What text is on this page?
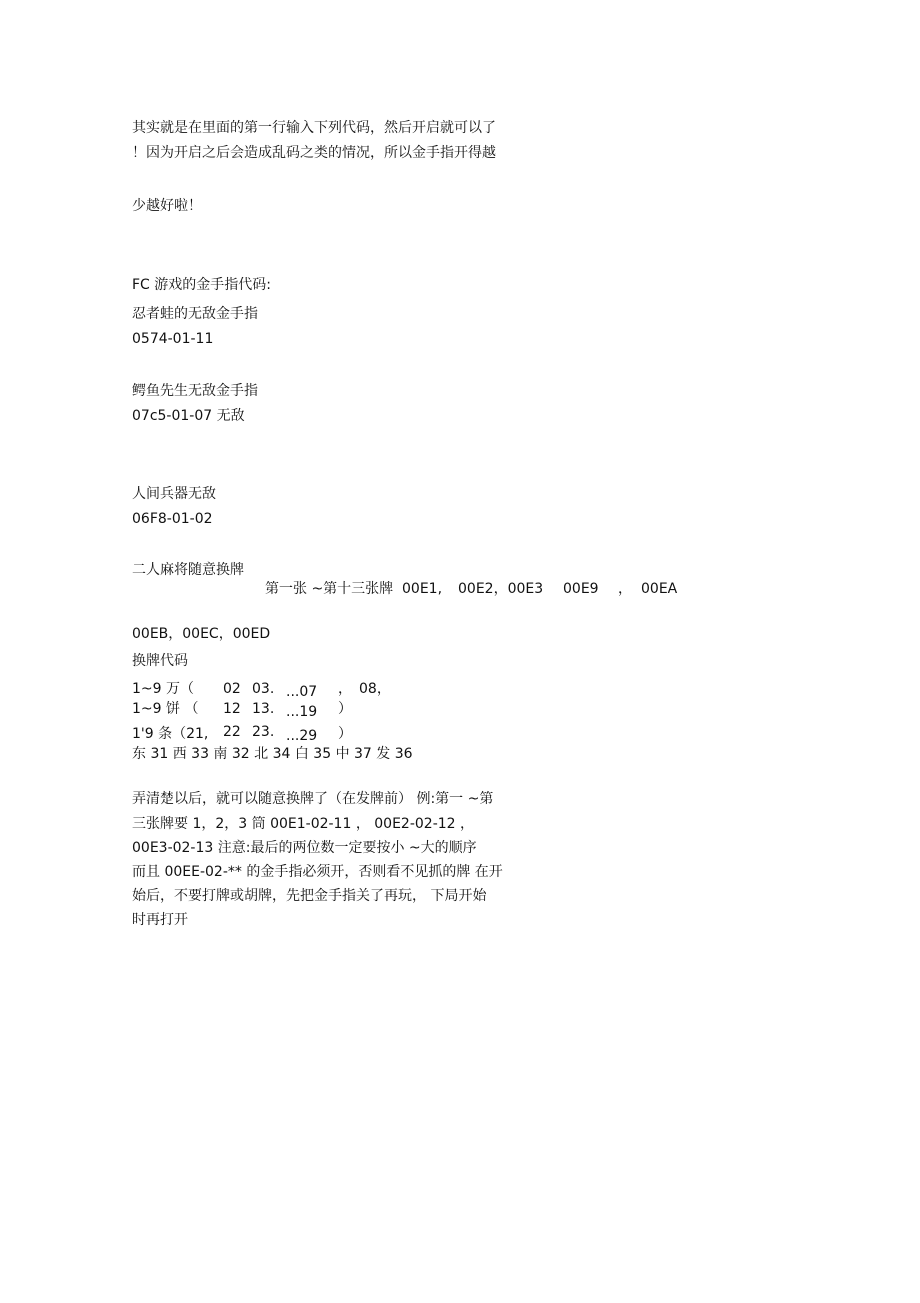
其实就是在里面的第一行输入下列代码，然后开启就可以了
！因为开启之后会造成乱码之类的情况，所以金手指开得越
少越好啦！
FC 游戏的金手指代码:
忍者蛙的无敌金手指
0574-01-11
鳄鱼先生无敌金手指
07c5-01-07 无敌
人间兵器无敌
06F8-01-02
二人麻将随意换牌
第一张 ~第十三张牌 00E1, 00E2，00E3 00E9 ， 00EA
00EB，00EC，00ED
换牌代码
1~9 万（ 02 03. ...07 ， 08，
1~9 饼 （ 12 13. ...19 ）
1'9 条（21, 22 23. ...29 ）
东 31 西 33 南 32 北 34 白 35 中 37 发 36
弄清楚以后，就可以随意换牌了（在发牌前） 例:第一 ~第
三张牌要 1，2，3 筒 00E1-02-11 ， 00E2-02-12 ，
00E3-02-13 注意:最后的两位数一定要按小 ~大的顺序
而且 00EE-02-** 的金手指必须开，否则看不见抓的牌 在开
始后，不要打牌或胡牌，先把金手指关了再玩， 下局开始
时再打开
